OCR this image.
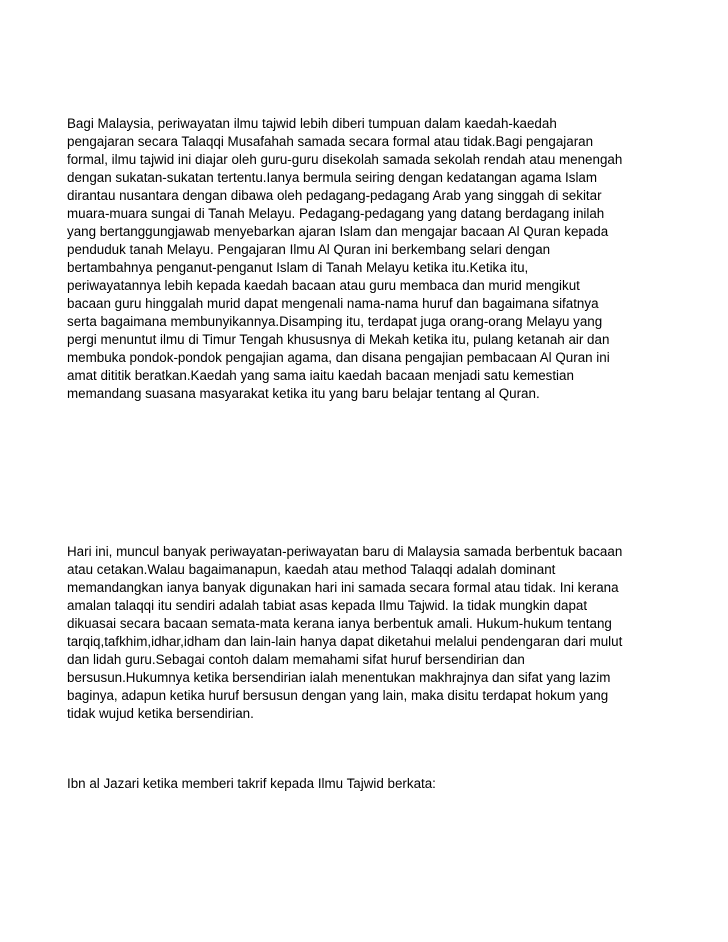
Bagi Malaysia, periwayatan ilmu tajwid lebih diberi tumpuan dalam kaedah-kaedah
pengajaran secara Talaqqi Musafahah samada secara formal atau tidak.Bagi pengajaran
formal, ilmu tajwid ini diajar oleh guru-guru disekolah samada sekolah rendah atau menengah
dengan sukatan-sukatan tertentu.Ianya bermula seiring dengan kedatangan agama Islam
dirantau nusantara dengan dibawa oleh pedagang-pedagang Arab yang singgah di sekitar
muara-muara sungai di Tanah Melayu. Pedagang-pedagang yang datang berdagang inilah
yang bertanggungjawab menyebarkan ajaran Islam dan mengajar bacaan Al Quran kepada
penduduk tanah Melayu. Pengajaran Ilmu Al Quran ini berkembang selari dengan
bertambahnya penganut-penganut Islam di Tanah Melayu ketika itu.Ketika itu,
periwayatannya lebih kepada kaedah bacaan atau guru membaca dan murid mengikut
bacaan guru hinggalah murid dapat mengenali nama-nama huruf dan bagaimana sifatnya
serta bagaimana membunyikannya.Disamping itu, terdapat juga orang-orang Melayu yang
pergi menuntut ilmu di Timur Tengah khususnya di Mekah ketika itu, pulang ketanah air dan
membuka pondok-pondok pengajian agama, dan disana pengajian pembacaan Al Quran ini
amat dititik beratkan.Kaedah yang sama iaitu kaedah bacaan menjadi satu kemestian
memandang suasana masyarakat ketika itu yang baru belajar tentang al Quran.

Hari ini, muncul banyak periwayatan-periwayatan baru di Malaysia samada berbentuk bacaan
atau cetakan.Walau bagaimanapun, kaedah atau method Talaqqi adalah dominant
memandangkan ianya banyak digunakan hari ini samada secara formal atau tidak. Ini kerana
amalan talaqqi itu sendiri adalah tabiat asas kepada Ilmu Tajwid. Ia tidak mungkin dapat
dikuasai secara bacaan semata-mata kerana ianya berbentuk amali. Hukum-hukum tentang
tarqiq,tafkhim,idhar,idham dan lain-lain hanya dapat diketahui melalui pendengaran dari mulut
dan lidah guru.Sebagai contoh dalam memahami sifat huruf bersendirian dan
bersusun.Hukumnya ketika bersendirian ialah menentukan makhrajnya dan sifat yang lazim
baginya, adapun ketika huruf bersusun dengan yang lain, maka disitu terdapat hokum yang
tidak wujud ketika bersendirian.

Ibn al Jazari ketika memberi takrif kepada Ilmu Tajwid berkata:
